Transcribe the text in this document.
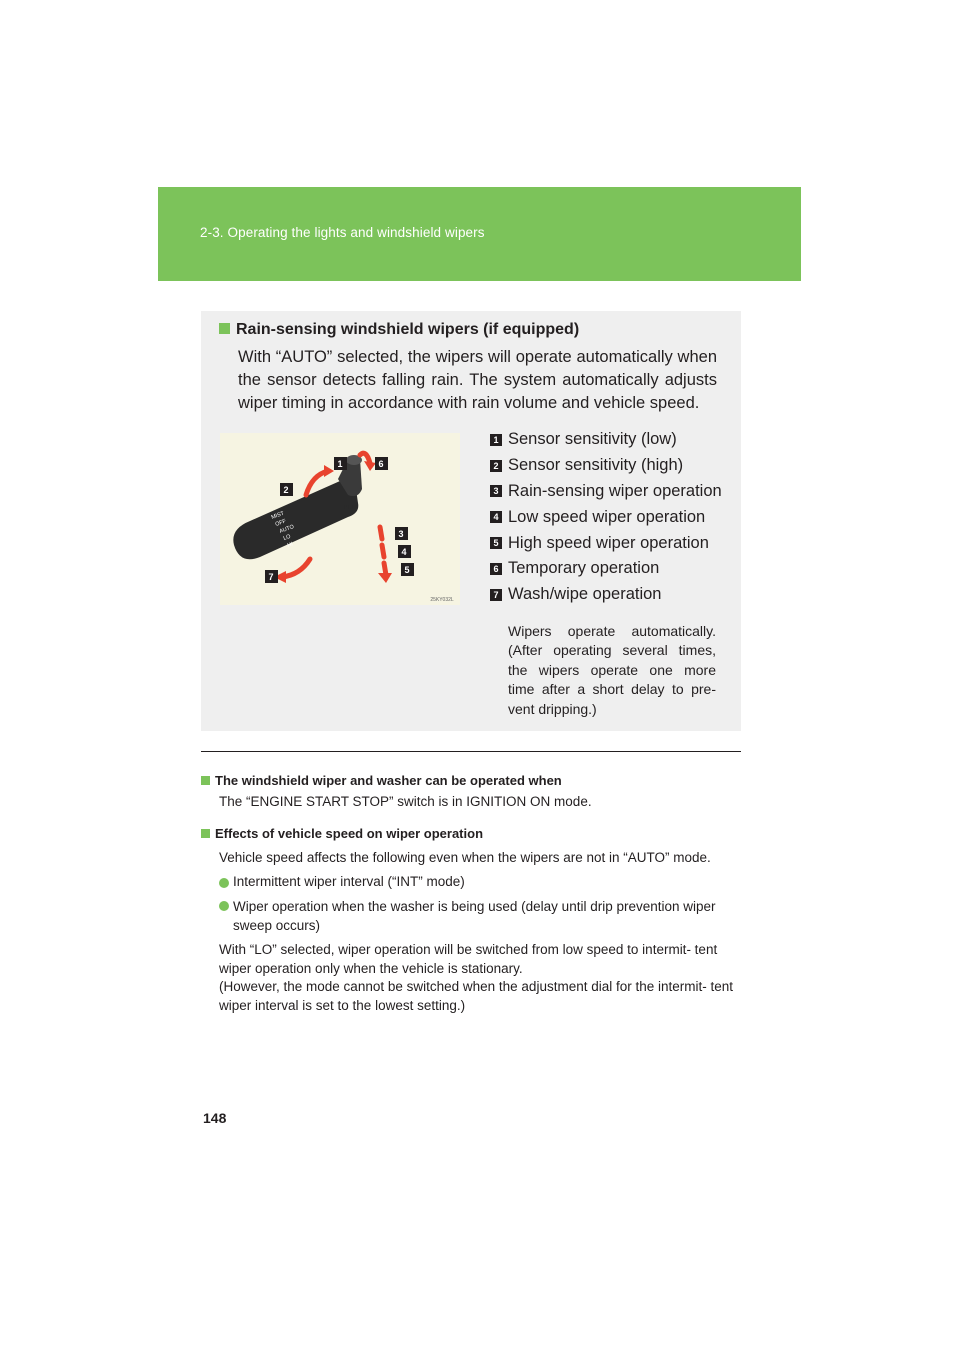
2-3. Operating the lights and windshield wipers
Rain-sensing windshield wipers (if equipped)
With “AUTO” selected, the wipers will operate automatically when the sensor detects falling rain. The system automatically adjusts wiper timing in accordance with rain volume and vehicle speed.
MIST
OFF
AUTO
LO
HI
PULL
1	6
2
3
4
5
7
25KY032L
1 Sensor sensitivity (low)
2 Sensor sensitivity (high)
3 Rain-sensing wiper operation
4 Low speed wiper operation
5 High speed wiper operation
6 Temporary operation
7 Wash/wipe operation
Wipers operate automatically. (After operating several times, the wipers operate one more time after a short delay to pre- vent dripping.)
The windshield wiper and washer can be operated when
The “ENGINE START STOP” switch is in IGNITION ON mode.
Effects of vehicle speed on wiper operation
Vehicle speed affects the following even when the wipers are not in “AUTO” mode.
Intermittent wiper interval (“INT” mode)
Wiper operation when the washer is being used (delay until drip prevention wiper sweep occurs)
With “LO” selected, wiper operation will be switched from low speed to intermit- tent wiper operation only when the vehicle is stationary.
(However, the mode cannot be switched when the adjustment dial for the intermit- tent wiper interval is set to the lowest setting.)
148
